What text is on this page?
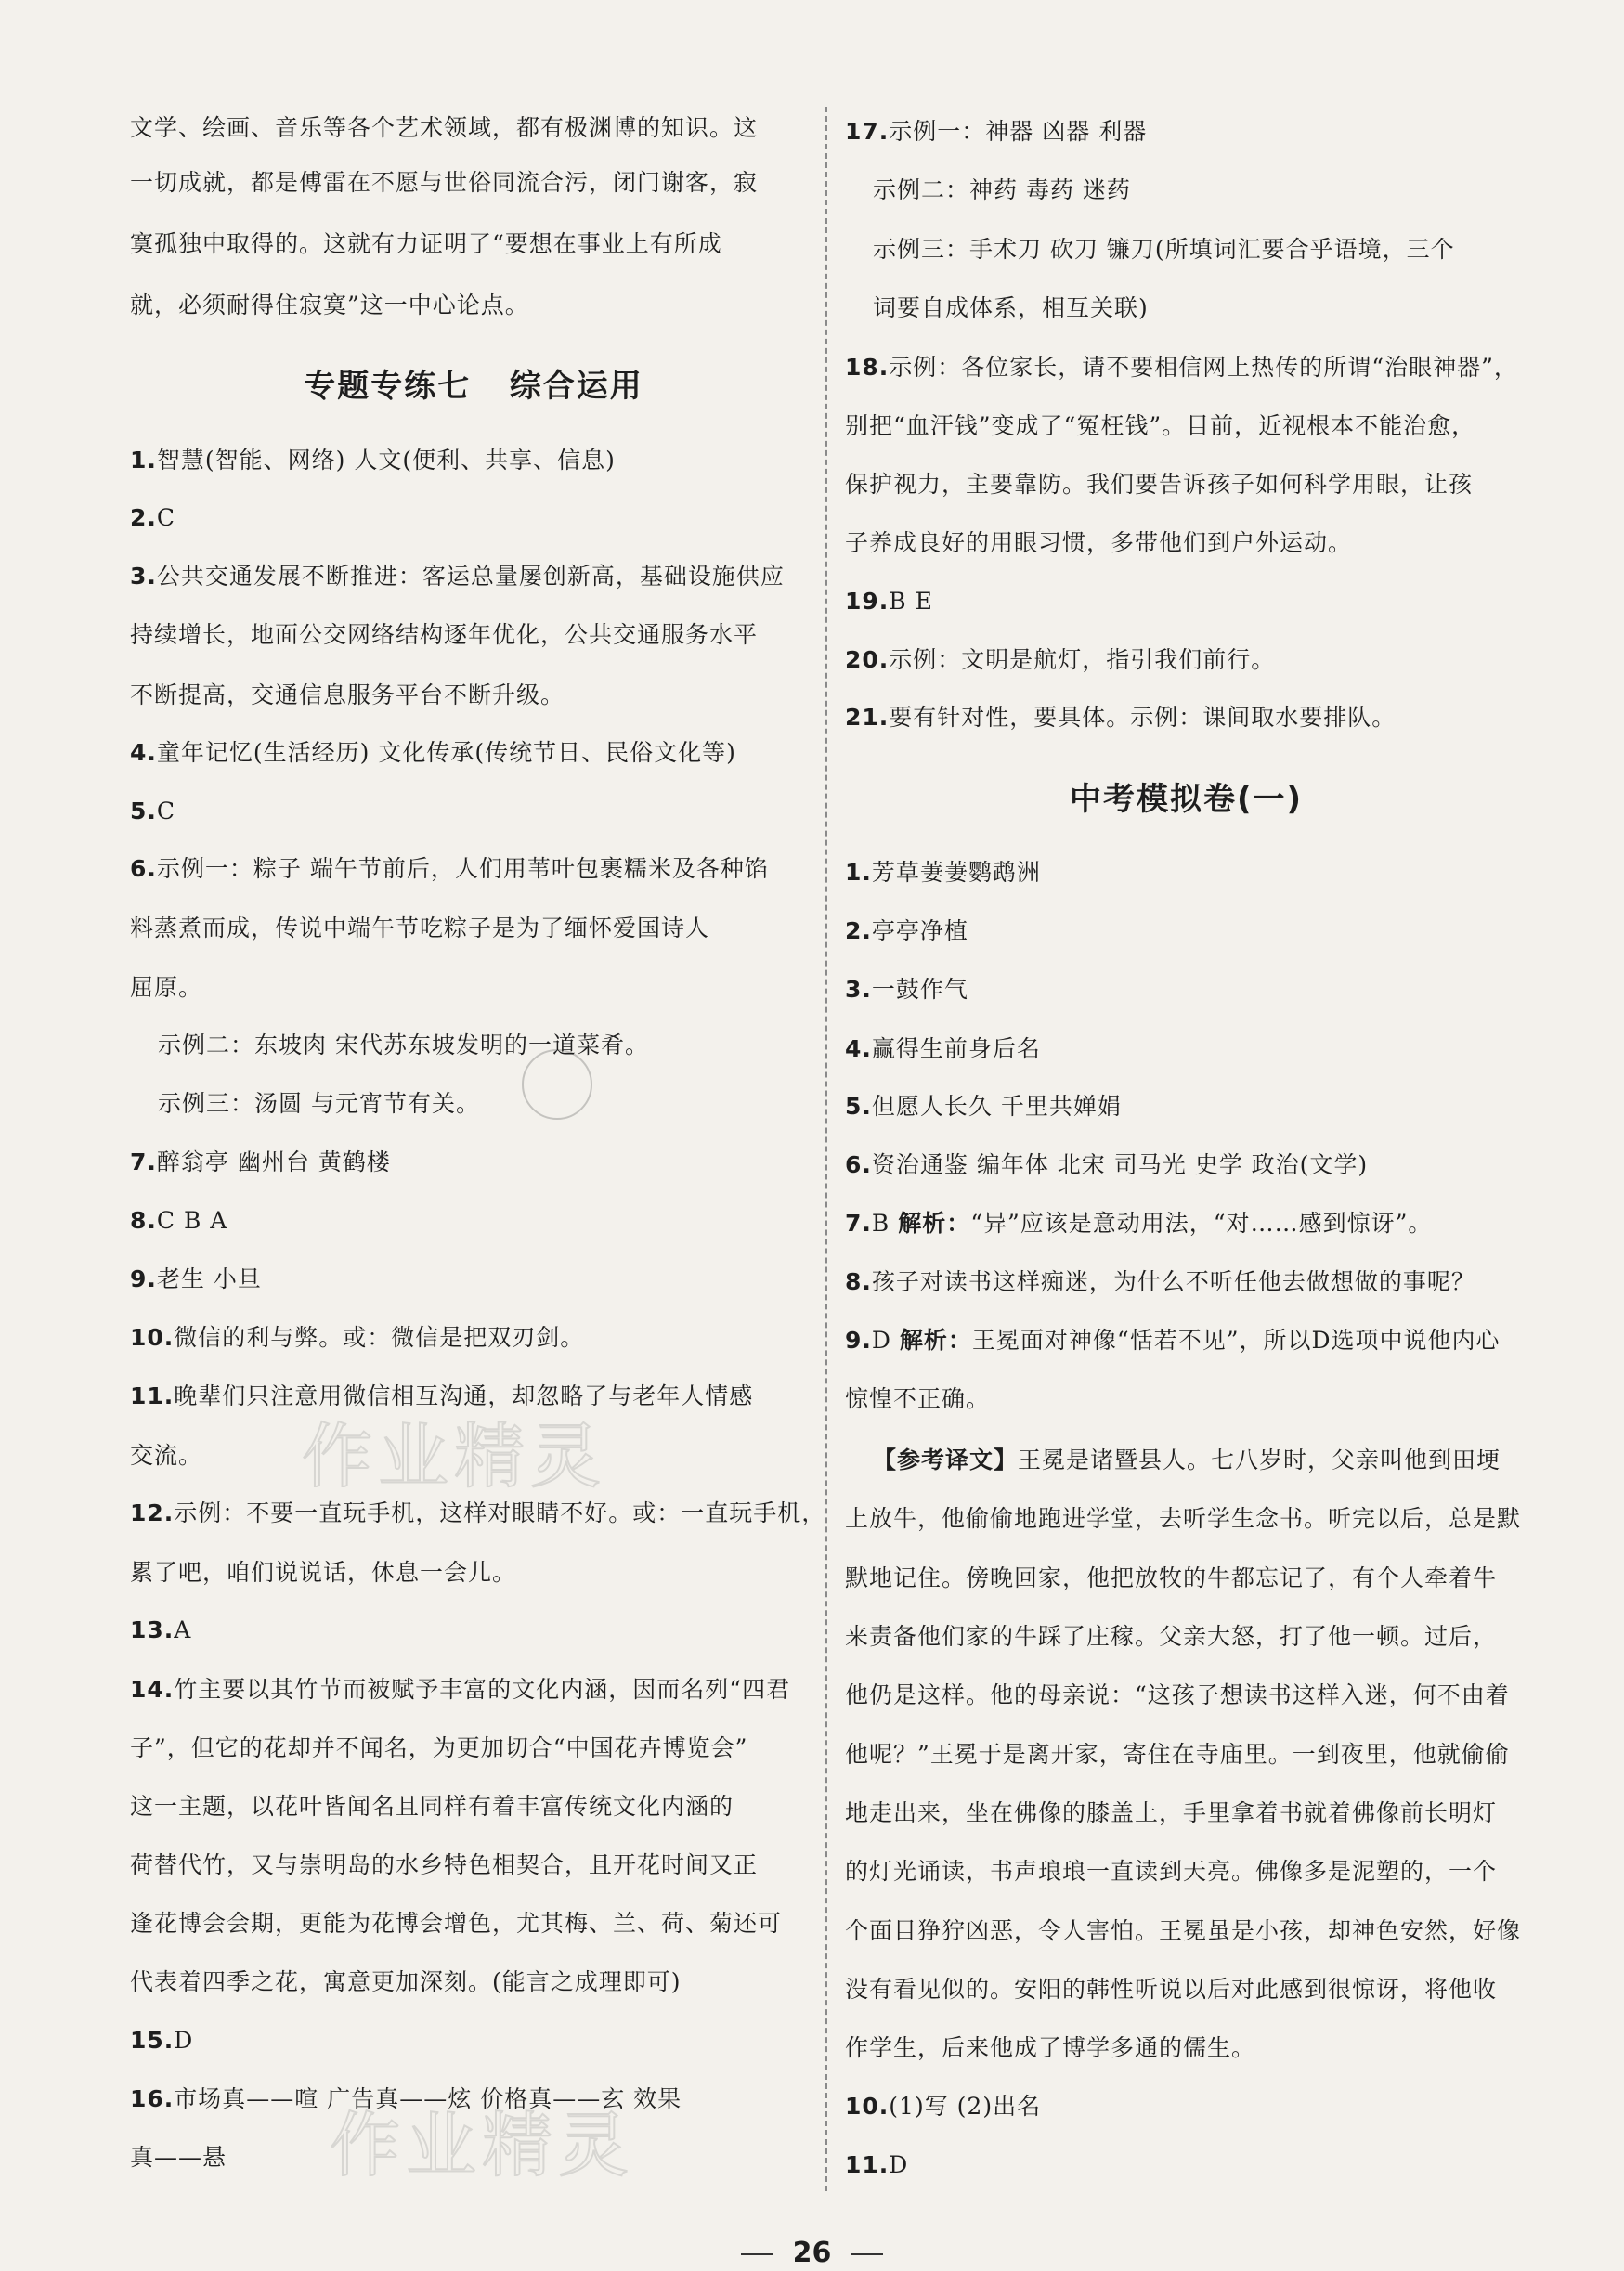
作业精灵
作业精灵
文学、绘画、音乐等各个艺术领域，都有极渊博的知识。这
一切成就，都是傅雷在不愿与世俗同流合污，闭门谢客，寂
寞孤独中取得的。这就有力证明了“要想在事业上有所成
就，必须耐得住寂寞”这一中心论点。
专题专练七   综合运用
1.智慧(智能、网络) 人文(便利、共享、信息)
2.C
3.公共交通发展不断推进：客运总量屡创新高，基础设施供应
持续增长，地面公交网络结构逐年优化，公共交通服务水平
不断提高，交通信息服务平台不断升级。
4.童年记忆(生活经历) 文化传承(传统节日、民俗文化等)
5.C
6.示例一：粽子 端午节前后，人们用苇叶包裹糯米及各种馅
料蒸煮而成，传说中端午节吃粽子是为了缅怀爱国诗人
屈原。
示例二：东坡肉 宋代苏东坡发明的一道菜肴。
示例三：汤圆 与元宵节有关。
7.醉翁亭 幽州台 黄鹤楼
8.C B A
9.老生 小旦
10.微信的利与弊。或：微信是把双刃剑。
11.晚辈们只注意用微信相互沟通，却忽略了与老年人情感
交流。
12.示例：不要一直玩手机，这样对眼睛不好。或：一直玩手机，
累了吧，咱们说说话，休息一会儿。
13.A
14.竹主要以其竹节而被赋予丰富的文化内涵，因而名列“四君
子”，但它的花却并不闻名，为更加切合“中国花卉博览会”
这一主题，以花叶皆闻名且同样有着丰富传统文化内涵的
荷替代竹，又与崇明岛的水乡特色相契合，且开花时间又正
逢花博会会期，更能为花博会增色，尤其梅、兰、荷、菊还可
代表着四季之花，寓意更加深刻。(能言之成理即可)
15.D
16.市场真——喧 广告真——炫 价格真——玄 效果
真——悬
17.示例一：神器 凶器 利器
示例二：神药 毒药 迷药
示例三：手术刀 砍刀 镰刀(所填词汇要合乎语境，三个
词要自成体系，相互关联)
18.示例：各位家长，请不要相信网上热传的所谓“治眼神器”，
别把“血汗钱”变成了“冤枉钱”。目前，近视根本不能治愈，
保护视力，主要靠防。我们要告诉孩子如何科学用眼，让孩
子养成良好的用眼习惯，多带他们到户外运动。
19.B E
20.示例：文明是航灯，指引我们前行。
21.要有针对性，要具体。示例：课间取水要排队。
中考模拟卷(一)
1.芳草萋萋鹦鹉洲
2.亭亭净植
3.一鼓作气
4.赢得生前身后名
5.但愿人长久 千里共婵娟
6.资治通鉴 编年体 北宋 司马光 史学 政治(文学)
7.B 解析：“异”应该是意动用法，“对……感到惊讶”。
8.孩子对读书这样痴迷，为什么不听任他去做想做的事呢？
9.D 解析：王冕面对神像“恬若不见”，所以D选项中说他内心
惊惶不正确。
【参考译文】王冕是诸暨县人。七八岁时，父亲叫他到田埂
上放牛，他偷偷地跑进学堂，去听学生念书。听完以后，总是默
默地记住。傍晚回家，他把放牧的牛都忘记了，有个人牵着牛
来责备他们家的牛踩了庄稼。父亲大怒，打了他一顿。过后，
他仍是这样。他的母亲说：“这孩子想读书这样入迷，何不由着
他呢？”王冕于是离开家，寄住在寺庙里。一到夜里，他就偷偷
地走出来，坐在佛像的膝盖上，手里拿着书就着佛像前长明灯
的灯光诵读，书声琅琅一直读到天亮。佛像多是泥塑的，一个
个面目狰狞凶恶，令人害怕。王冕虽是小孩，却神色安然，好像
没有看见似的。安阳的韩性听说以后对此感到很惊讶，将他收
作学生，后来他成了博学多通的儒生。
10.(1)写 (2)出名
11.D
26
